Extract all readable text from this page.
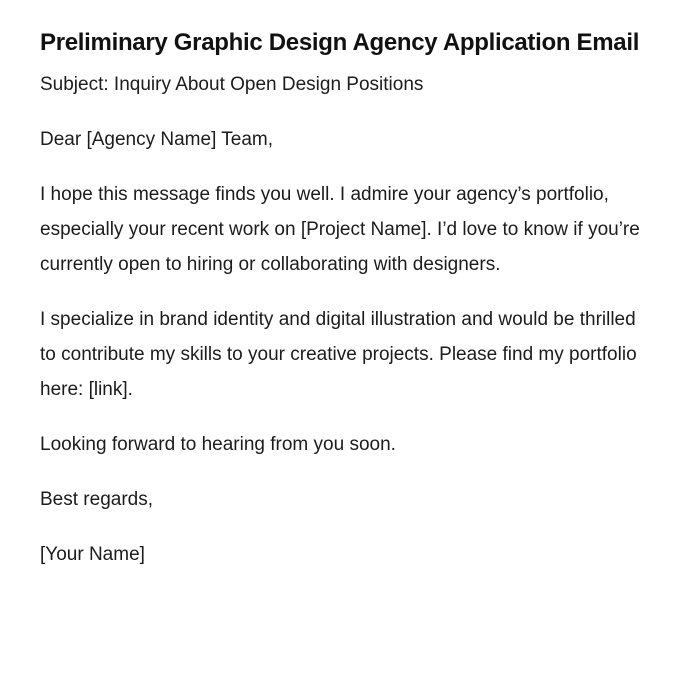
Preliminary Graphic Design Agency Application Email

Subject: Inquiry About Open Design Positions

Dear [Agency Name] Team,

I hope this message finds you well. I admire your agency’s portfolio, especially your recent work on [Project Name]. I’d love to know if you’re currently open to hiring or collaborating with designers.

I specialize in brand identity and digital illustration and would be thrilled to contribute my skills to your creative projects. Please find my portfolio here: [link].

Looking forward to hearing from you soon.

Best regards,

[Your Name]
